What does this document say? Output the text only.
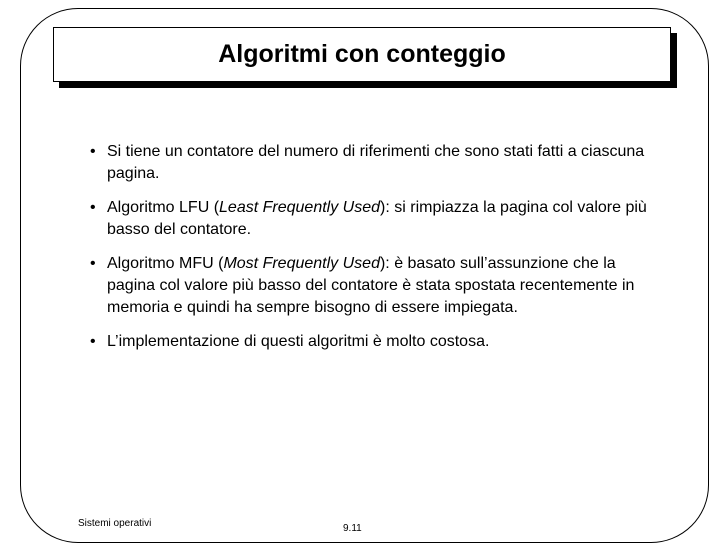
Algoritmi con conteggio
• Si tiene un contatore del numero di riferimenti che sono stati fatti a ciascuna pagina.
• Algoritmo LFU (Least Frequently Used): si rimpiazza la pagina col valore più basso del contatore.
• Algoritmo MFU (Most Frequently Used): è basato sull’assunzione che la pagina col valore più basso del contatore è stata spostata recentemente in memoria e quindi ha sempre bisogno di essere impiegata.
• L’implementazione di questi algoritmi è molto costosa.
Sistemi operativi	9.11
